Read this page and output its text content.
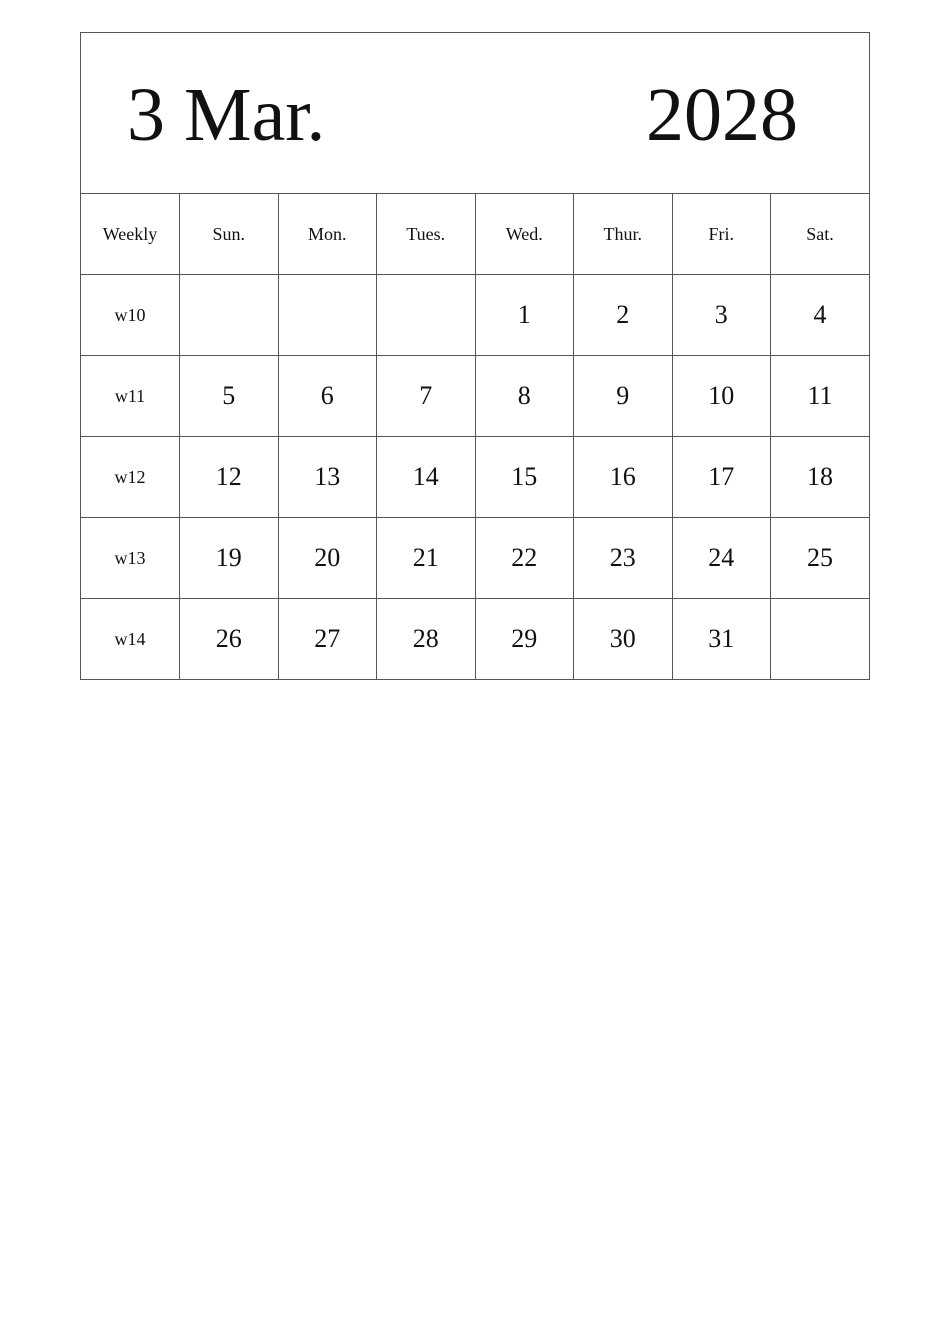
3 Mar.	2028
Weekly	Sun.	Mon.	Tues.	Wed.	Thur.	Fri.	Sat.
w10				1	2	3	4
w11	5	6	7	8	9	10	11
w12	12	13	14	15	16	17	18
w13	19	20	21	22	23	24	25
w14	26	27	28	29	30	31	
